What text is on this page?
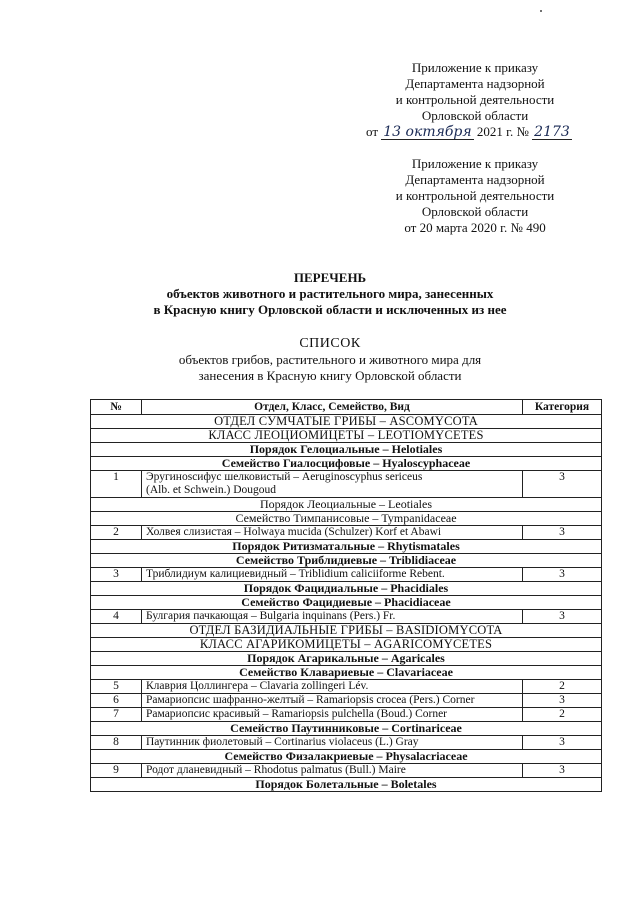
Приложение к приказу
Департамента надзорной
и контрольной деятельности
Орловской области
от 13 октября 2021 г. № 2173
Приложение к приказу
Департамента надзорной
и контрольной деятельности
Орловской области
от 20 марта 2020 г. № 490
ПЕРЕЧЕНЬ
объектов животного и растительного мира, занесенных
в Красную книгу Орловской области и исключенных из нее
СПИСОК
объектов грибов, растительного и животного мира для
занесения в Красную книгу Орловской области
№	Отдел, Класс, Семейство, Вид	Категория
ОТДЕЛ СУМЧАТЫЕ ГРИБЫ – ASCOMYCOTA		
КЛАСС ЛЕОЦИОМИЦЕТЫ – LEOTIOMYCETES		
Порядок Гелоциальные – Helotiales		
Семейство Гиалосцифовые – Hyaloscyphaceae		
1	Эругиноscифус шелковистый – Aeruginoscyphus sericeus
(Alb. et Schwein.) Dougoud	3
Порядок Леоциальные – Leotiales		
Семейство Тимпанисовые – Tympanidaceae		
2	Холвея слизистая – Holwaya mucida (Schulzer) Korf et Abawi	3
Порядок Ритизматальные – Rhytismatales		
Семейство Триблидиевые – Triblidiaceae		
3	Триблидиум калициевидный – Triblidium caliciiforme Rebent.	3
Порядок Фацидиальные – Phacidiales		
Семейство Фацидиевые – Phacidiaceae		
4	Булгария пачкающая – Bulgaria inquinans (Pers.) Fr.	3
ОТДЕЛ БАЗИДИАЛЬНЫЕ ГРИБЫ – BASIDIOMYCOTA		
КЛАСС АГАРИКОМИЦЕТЫ – AGARICOMYCETES		
Порядок Агарикальные – Agaricales		
Семейство Клавариевые – Clavariaceae		
5	Клаврия Цоллингера – Clavaria zollingeri Lév.	2
6	Рамариопсис шафранно-желтый – Ramariopsis crocea (Pers.) Corner	3
7	Рамариопсис красивый – Ramariopsis pulchella (Boud.) Corner	2
Семейство Паутинниковые – Cortinariceae		
8	Паутинник фиолетовый – Cortinarius violaceus (L.) Gray	3
Семейство Физалакриевые – Physalacriaceae		
9	Родот дланевидный – Rhodotus palmatus (Bull.) Maire	3
Порядок Болетальные – Boletales		
